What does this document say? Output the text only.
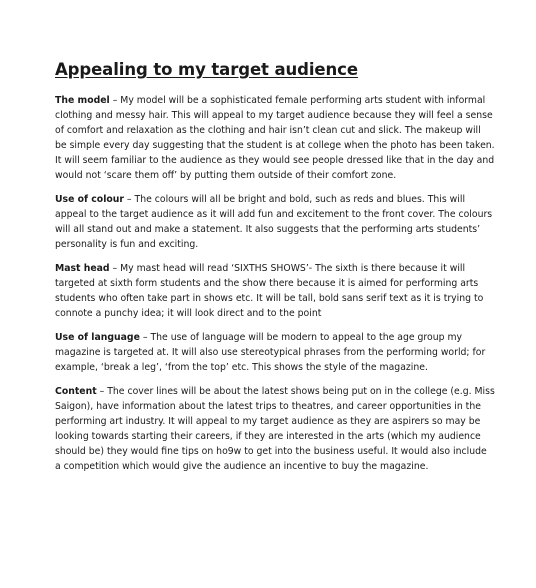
Appealing to my target audience

The model – My model will be a sophisticated female performing arts student with informal clothing and messy hair. This will appeal to my target audience because they will feel a sense of comfort and relaxation as the clothing and hair isn’t clean cut and slick. The makeup will be simple every day suggesting that the student is at college when the photo has been taken. It will seem familiar to the audience as they would see people dressed like that in the day and would not ‘scare them off’ by putting them outside of their comfort zone.

Use of colour – The colours will all be bright and bold, such as reds and blues. This will appeal to the target audience as it will add fun and excitement to the front cover. The colours will all stand out and make a statement. It also suggests that the performing arts students’ personality is fun and exciting.

Mast head – My mast head will read ‘SIXTHS SHOWS’- The sixth is there because it will targeted at sixth form students and the show there because it is aimed for performing arts students who often take part in shows etc. It will be tall, bold sans serif text as it is trying to connote a punchy idea; it will look direct and to the point

Use of language – The use of language will be modern to appeal to the age group my magazine is targeted at. It will also use stereotypical phrases from the performing world; for example, ‘break a leg’, ‘from the top’ etc. This shows the style of the magazine.

Content – The cover lines will be about the latest shows being put on in the college (e.g. Miss Saigon), have information about the latest trips to theatres, and career opportunities in the performing art industry. It will appeal to my target audience as they are aspirers so may be looking towards starting their careers, if they are interested in the arts (which my audience should be) they would fine tips on ho9w to get into the business useful. It would also include a competition which would give the audience an incentive to buy the magazine.
